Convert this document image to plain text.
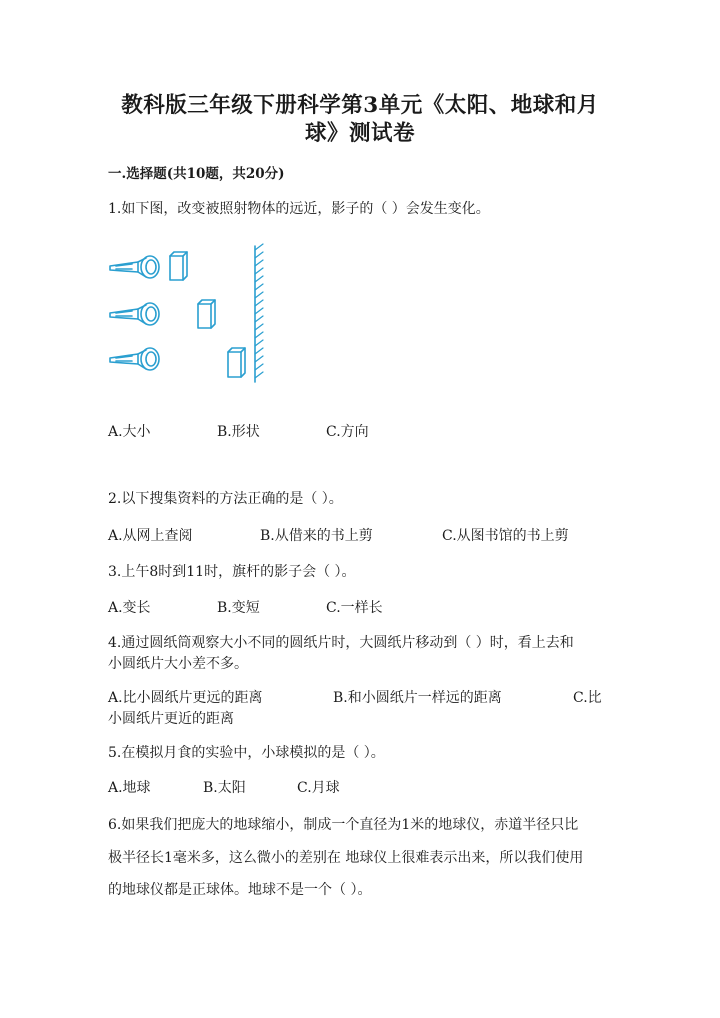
教科版三年级下册科学第3单元《太阳、地球和月
球》测试卷
一.选择题(共10题，共20分)
1.如下图，改变被照射物体的远近，影子的（ ）会发生变化。
A.大小	B.形状	C.方向
2.以下搜集资料的方法正确的是（ ）。
A.从网上查阅	B.从借来的书上剪	C.从图书馆的书上剪
3.上午8时到11时，旗杆的影子会（ ）。
A.变长	B.变短	C.一样长
4.通过圆纸筒观察大小不同的圆纸片时，大圆纸片移动到（ ）时，看上去和
小圆纸片大小差不多。
A.比小圆纸片更远的距离	B.和小圆纸片一样远的距离	C.比
小圆纸片更近的距离
5.在模拟月食的实验中，小球模拟的是（ ）。
A.地球	B.太阳	C.月球
6.如果我们把庞大的地球缩小，制成一个直径为1米的地球仪，赤道半径只比
极半径长1毫米多，这么微小的差别在 地球仪上很难表示出来，所以我们使用
的地球仪都是正球体。地球不是一个（ ）。
